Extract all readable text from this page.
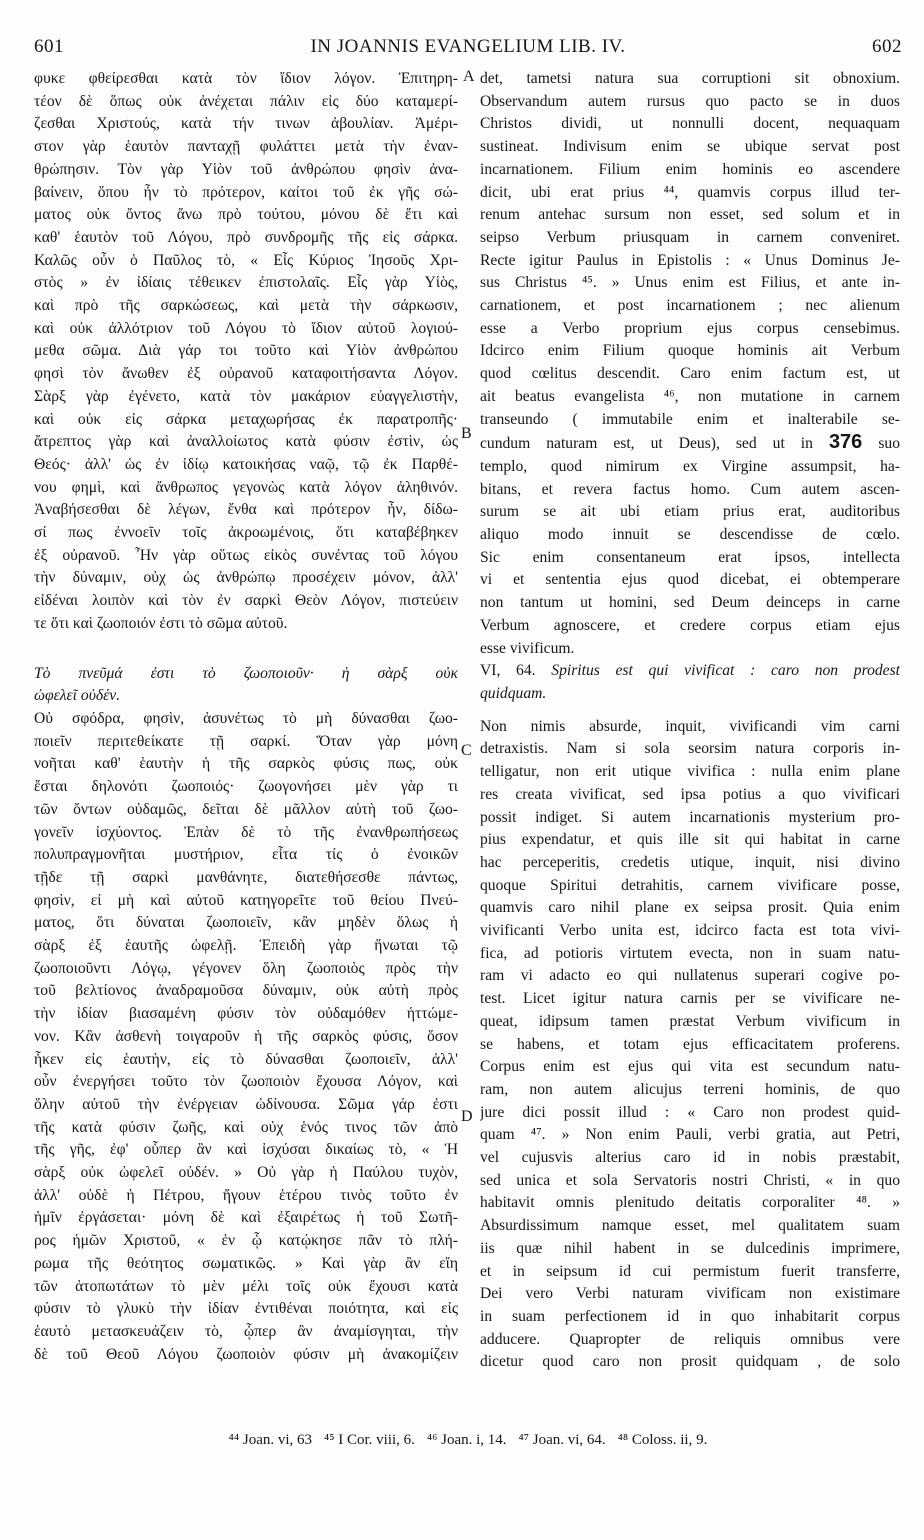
601	IN JOANNIS EVANGELIUM LIB. IV.	602
φυκε φθείρεσθαι κατὰ τὸν ἴδιον λόγον. Ἐπιτηρη-
τέον δὲ ὅπως οὐκ ἀνέχεται πάλιν εἰς δύο καταμερί-
ζεσθαι Χριστούς, κατὰ τήν τινων ἀβουλίαν. Ἀμέρι-
στον γὰρ ἑαυτὸν πανταχῇ φυλάττει μετὰ τὴν ἐναν-
θρώπησιν. Τὸν γὰρ Υἱὸν τοῦ ἀνθρώπου φησὶν ἀνα-
βαίνειν, ὅπου ἦν τὸ πρότερον, καίτοι τοῦ ἐκ γῆς σώ-
ματος οὐκ ὄντος ἄνω πρὸ τούτου, μόνου δὲ ἔτι καὶ
καθ' ἑαυτὸν τοῦ Λόγου, πρὸ συνδρομῆς τῆς εἰς σάρκα.
Καλῶς οὖν ὁ Παῦλος τὸ, « Εἷς Κύριος Ἰησοῦς Χρι-
στὸς » ἐν ἰδίαις τέθεικεν ἐπιστολαῖς. Εἷς γὰρ Υἱὸς,
καὶ πρὸ τῆς σαρκώσεως, καὶ μετὰ τὴν σάρκωσιν,
καὶ οὐκ ἀλλότριον τοῦ Λόγου τὸ ἴδιον αὐτοῦ λογιού-
μεθα σῶμα. Διὰ γάρ τοι τοῦτο καὶ Υἱὸν ἀνθρώπου
φησὶ τὸν ἄνωθεν ἐξ οὐρανοῦ καταφοιτήσαντα Λόγον.
Σὰρξ γὰρ ἐγένετο, κατὰ τὸν μακάριον εὐαγγελιστὴν,
καὶ οὐκ εἰς σάρκα μεταχωρήσας ἐκ παρατροπῆς·
ἄτρεπτος γὰρ καὶ ἀναλλοίωτος κατὰ φύσιν ἐστὶν, ὡς
Θεός· ἀλλ' ὡς ἐν ἰδίῳ κατοικήσας ναῷ, τῷ ἐκ Παρθέ-
νου φημὶ, καὶ ἄνθρωπος γεγονὼς κατὰ λόγον ἀληθινόν.
Ἀναβήσεσθαι δὲ λέγων, ἔνθα καὶ πρότερον ἦν, δίδω-
σί πως ἐννοεῖν τοῖς ἀκροωμένοις, ὅτι καταβέβηκεν
ἐξ οὐρανοῦ. Ἦν γὰρ οὕτως εἰκὸς συνέντας τοῦ λόγου
τὴν δύναμιν, οὐχ ὡς ἀνθρώπῳ προσέχειν μόνον, ἀλλ'
εἰδέναι λοιπὸν καὶ τὸν ἐν σαρκὶ Θεὸν Λόγον, πιστεύειν
τε ὅτι καὶ ζωοποιόν ἐστι τὸ σῶμα αὐτοῦ.
Τὸ πνεῦμά ἐστι τὸ ζωοποιοῦν· ἡ σὰρξ οὐκ
ὠφελεῖ οὐδέν.
Οὐ σφόδρα, φησὶν, ἀσυνέτως τὸ μὴ δύνασθαι ζωο-
ποιεῖν περιτεθείκατε τῇ σαρκί. Ὅταν γὰρ μόνη
νοῆται καθ' ἑαυτὴν ἡ τῆς σαρκὸς φύσις πως, οὐκ
ἔσται δηλονότι ζωοποιός· ζωογονήσει μὲν γὰρ τι
τῶν ὄντων οὐδαμῶς, δεῖται δὲ μᾶλλον αὐτὴ τοῦ ζωο-
γονεῖν ἰσχύοντος. Ἐπὰν δὲ τὸ τῆς ἐνανθρωπήσεως
πολυπραγμονῆται μυστήριον, εἶτα τίς ὁ ἐνοικῶν
τῇδε τῇ σαρκὶ μανθάνητε, διατεθήσεσθε πάντως,
φησὶν, εἰ μὴ καὶ αὐτοῦ κατηγορεῖτε τοῦ θείου Πνεύ-
ματος, ὅτι δύναται ζωοποιεῖν, κἂν μηδὲν ὅλως ἡ
σὰρξ ἐξ ἑαυτῆς ὠφελῇ. Ἐπειδὴ γὰρ ἥνωται τῷ
ζωοποιοῦντι Λόγῳ, γέγονεν ὅλη ζωοποιὸς πρὸς τὴν
τοῦ βελτίονος ἀναδραμοῦσα δύναμιν, οὐκ αὐτὴ πρὸς
τὴν ἰδίαν βιασαμένη φύσιν τὸν οὐδαμόθεν ἡττώμε-
νον. Κἂν ἀσθενὴ τοιγαροῦν ἡ τῆς σαρκὸς φύσις, ὅσον
ἧκεν εἰς ἑαυτὴν, εἰς τὸ δύνασθαι ζωοποιεῖν, ἀλλ'
οὖν ἐνεργήσει τοῦτο τὸν ζωοποιὸν ἔχουσα Λόγον, καὶ
ὅλην αὐτοῦ τὴν ἐνέργειαν ὠδίνουσα. Σῶμα γάρ ἐστι
τῆς κατὰ φύσιν ζωῆς, καὶ οὐχ ἑνός τινος τῶν ἀπὸ
τῆς γῆς, ἐφ' οὗπερ ἂν καὶ ἰσχύσαι δικαίως τὸ, « Ἡ
σὰρξ οὐκ ὠφελεῖ οὐδέν. » Οὐ γὰρ ἡ Παύλου τυχὸν,
ἀλλ' οὐδὲ ἡ Πέτρου, ἤγουν ἑτέρου τινὸς τοῦτο ἐν
ἡμῖν ἐργάσεται· μόνη δὲ καὶ ἐξαιρέτως ἡ τοῦ Σωτῆ-
ρος ἡμῶν Χριστοῦ, « ἐν ᾧ κατῴκησε πᾶν τὸ πλή-
ρωμα τῆς θεότητος σωματικῶς. » Καὶ γὰρ ἂν εἴη
τῶν ἀτοπωτάτων τὸ μὲν μέλι τοῖς οὐκ ἔχουσι κατὰ
φύσιν τὸ γλυκὺ τὴν ἰδίαν ἐντιθέναι ποιότητα, καὶ εἰς
ἑαυτὸ μετασκευάζειν τὸ, ᾧπερ ἂν ἀναμίσγηται, τὴν
δὲ τοῦ Θεοῦ Λόγου ζωοποιὸν φύσιν μὴ ἀνακομίζειν
det, tametsi natura sua corruptioni sit obnoxium.
Observandum autem rursus quo pacto se in duos
Christos dividi, ut nonnulli docent, nequaquam
sustineat. Indivisum enim se ubique servat post
incarnationem. Filium enim hominis eo ascendere
dicit, ubi erat prius ⁴⁴, quamvis corpus illud ter-
renum antehac sursum non esset, sed solum et in
seipso Verbum priusquam in carnem conveniret.
Recte igitur Paulus in Epistolis : « Unus Dominus Je-
sus Christus ⁴⁵. » Unus enim est Filius, et ante in-
carnationem, et post incarnationem ; nec alienum
esse a Verbo proprium ejus corpus censebimus.
Idcirco enim Filium quoque hominis ait Verbum
quod cœlitus descendit. Caro enim factum est, ut
ait beatus evangelista ⁴⁶, non mutatione in carnem
transeundo ( immutabile enim et inalterabile se-
cundum naturam est, ut Deus), sed ut in 376 suo
templo, quod nimirum ex Virgine assumpsit, ha-
bitans, et revera factus homo. Cum autem ascen-
surum se ait ubi etiam prius erat, auditoribus
aliquo modo innuit se descendisse de cœlo.
Sic enim consentaneum erat ipsos, intellecta
vi et sententia ejus quod dicebat, ei obtemperare
non tantum ut homini, sed Deum deinceps in carne
Verbum agnoscere, et credere corpus etiam ejus
esse vivificum.
VI, 64. Spiritus est qui vivificat : caro non prodest
quidquam.
Non nimis absurde, inquit, vivificandi vim carni
detraxistis. Nam si sola seorsim natura corporis in-
telligatur, non erit utique vivifica : nulla enim plane
res creata vivificat, sed ipsa potius a quo vivificari
possit indiget. Si autem incarnationis mysterium pro-
pius expendatur, et quis ille sit qui habitat in carne
hac perceperitis, credetis utique, inquit, nisi divino
quoque Spiritui detrahitis, carnem vivificare posse,
quamvis caro nihil plane ex seipsa prosit. Quia enim
vivificanti Verbo unita est, idcirco facta est tota vivi-
fica, ad potioris virtutem evecta, non in suam natu-
ram vi adacto eo qui nullatenus superari cogive po-
test. Licet igitur natura carnis per se vivificare ne-
queat, idipsum tamen præstat Verbum vivificum in
se habens, et totam ejus efficacitatem proferens.
Corpus enim est ejus qui vita est secundum natu-
ram, non autem alicujus terreni hominis, de quo
jure dici possit illud : « Caro non prodest quid-
quam ⁴⁷. » Non enim Pauli, verbi gratia, aut Petri,
vel cujusvis alterius caro id in nobis præstabit,
sed unica et sola Servatoris nostri Christi, « in quo
habitavit omnis plenitudo deitatis corporaliter ⁴⁸. »
Absurdissimum namque esset, mel qualitatem suam
iis quæ nihil habent in se dulcedinis imprimere,
et in seipsum id cui permistum fuerit transferre,
Dei vero Verbi naturam vivificam non existimare
in suam perfectionem id in quo inhabitarit corpus
adducere. Quapropter de reliquis omnibus vere
dicetur quod caro non prosit quidquam , de solo
A
B
C
D
⁴⁴ Joan. vi, 63 ⁴⁵ I Cor. viii, 6. ⁴⁶ Joan. i, 14. ⁴⁷ Joan. vi, 64. ⁴⁸ Coloss. ii, 9.
